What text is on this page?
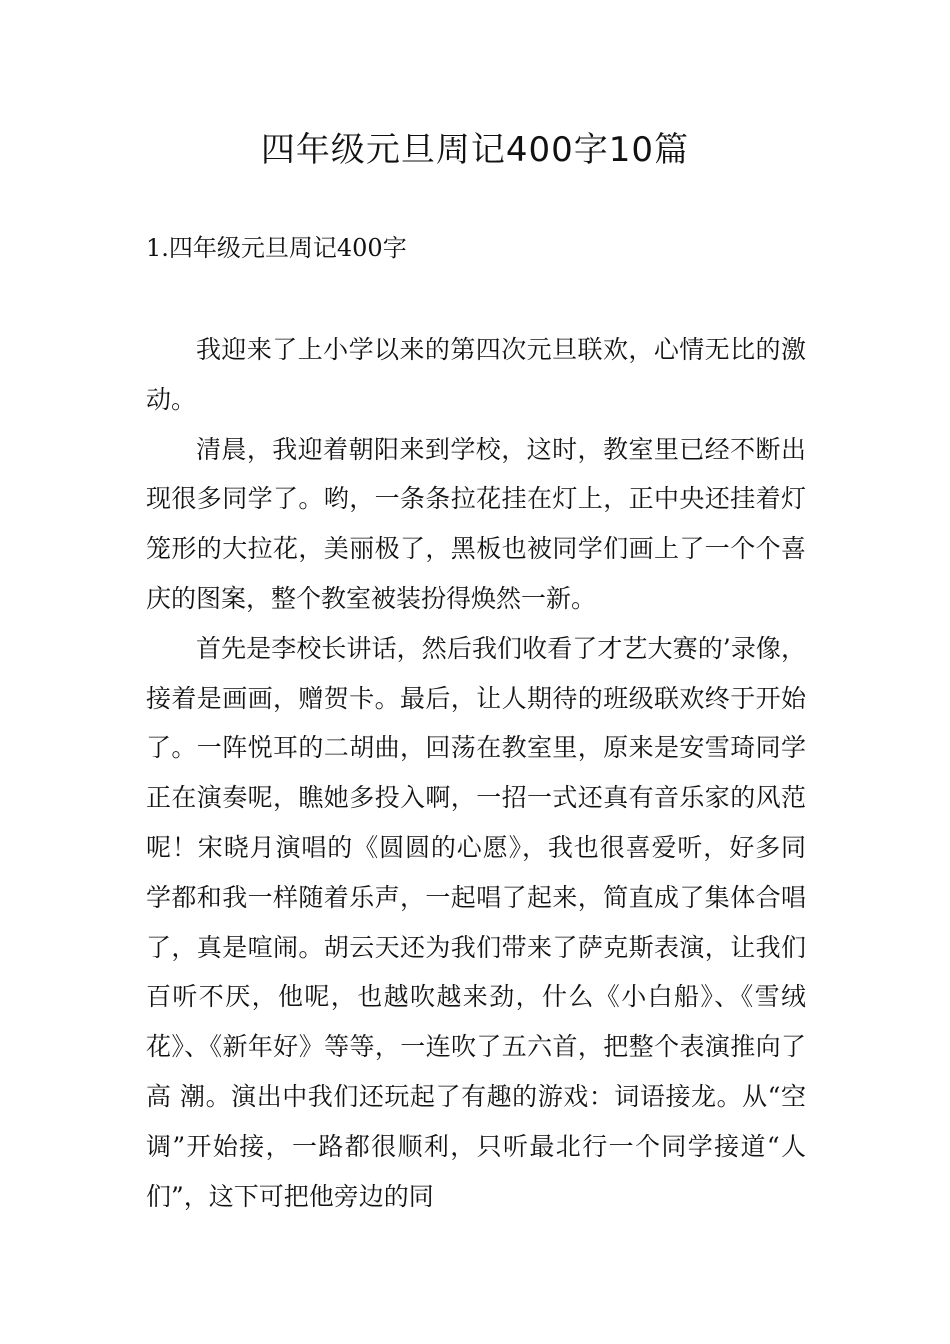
四年级元旦周记400字10篇
1.四年级元旦周记400字

我迎来了上小学以来的第四次元旦联欢，心情无比的激动。

清晨，我迎着朝阳来到学校，这时，教室里已经不断出现很多同学了。哟，一条条拉花挂在灯上，正中央还挂着灯笼形的大拉花，美丽极了，黑板也被同学们画上了一个个喜庆的图案，整个教室被装扮得焕然一新。

首先是李校长讲话，然后我们收看了才艺大赛的’录像，接着是画画，赠贺卡。最后，让人期待的班级联欢终于开始了。一阵悦耳的二胡曲，回荡在教室里，原来是安雪琦同学正在演奏呢，瞧她多投入啊，一招一式还真有音乐家的风范呢！宋晓月演唱的《圆圆的心愿》，我也很喜爱听，好多同学都和我一样随着乐声，一起唱了起来，简直成了集体合唱了，真是喧闹。胡云天还为我们带来了萨克斯表演，让我们百听不厌，他呢，也越吹越来劲，什么《小白船》、《雪绒花》、《新年好》等等，一连吹了五六首，把整个表演推向了高 潮。演出中我们还玩起了有趣的游戏：词语接龙。从“空调”开始接，一路都很顺利，只听最北行一个同学接道“人们”，这下可把他旁边的同
